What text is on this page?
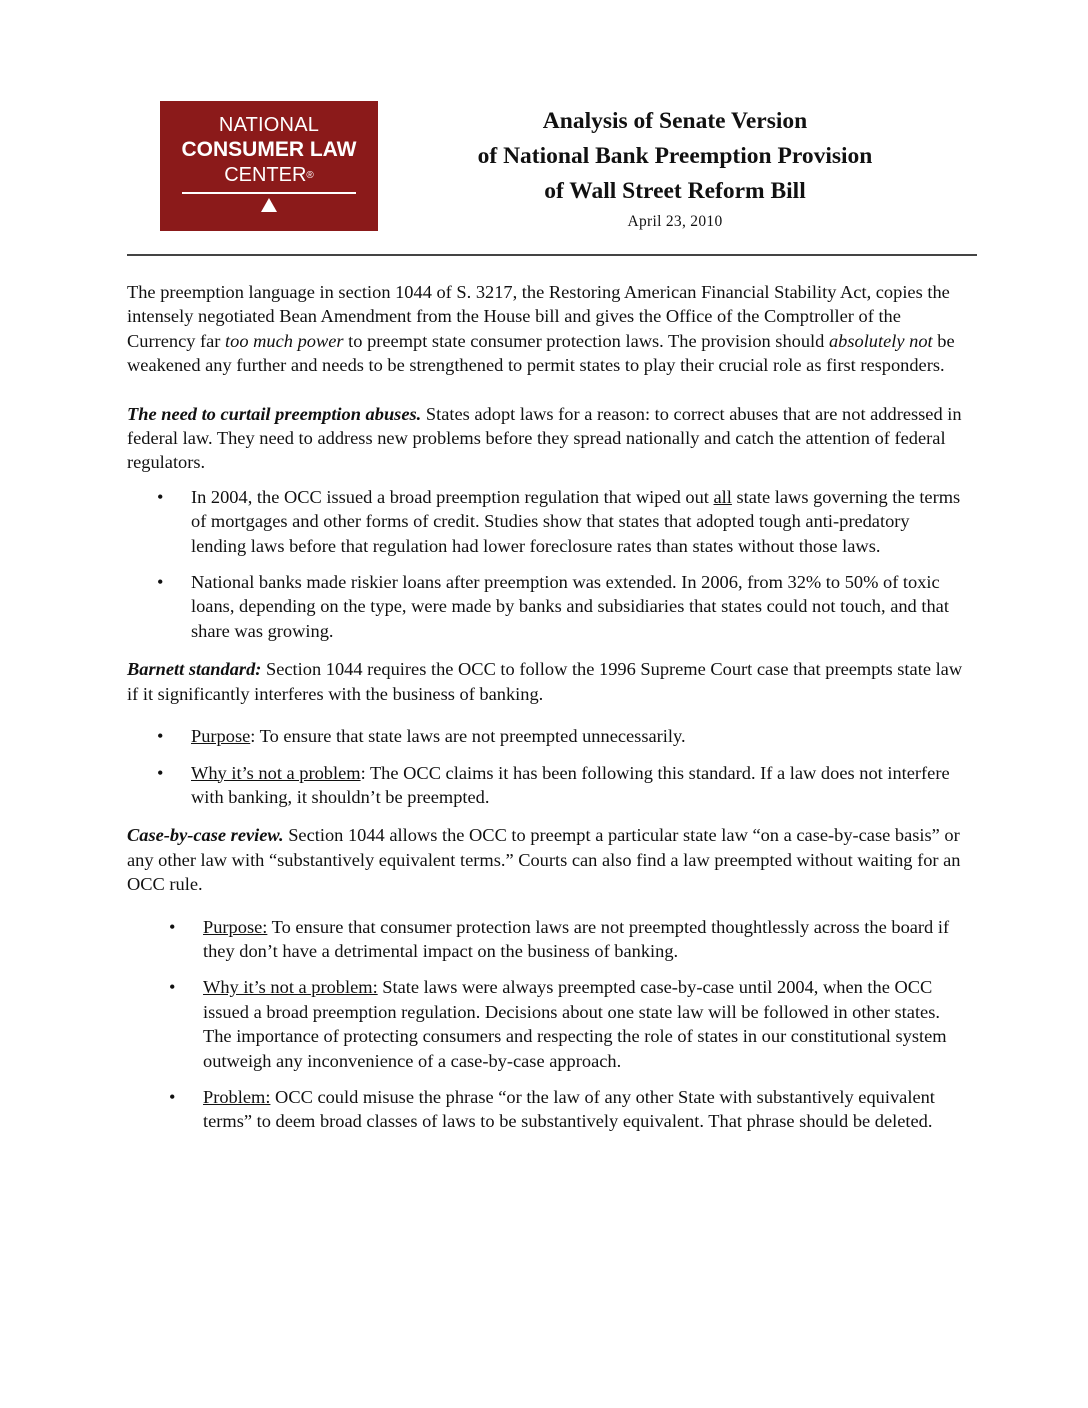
NATIONAL
CONSUMER LAW
CENTER®
Analysis of Senate Version
of National Bank Preemption Provision
of Wall Street Reform Bill
April 23, 2010

The preemption language in section 1044 of S. 3217, the Restoring American Financial Stability Act, copies the intensely negotiated Bean Amendment from the House bill and gives the Office of the Comptroller of the Currency far too much power to preempt state consumer protection laws. The provision should absolutely not be weakened any further and needs to be strengthened to permit states to play their crucial role as first responders.

The need to curtail preemption abuses. States adopt laws for a reason: to correct abuses that are not addressed in federal law. They need to address new problems before they spread nationally and catch the attention of federal regulators.

• In 2004, the OCC issued a broad preemption regulation that wiped out all state laws governing the terms of mortgages and other forms of credit. Studies show that states that adopted tough anti-predatory lending laws before that regulation had lower foreclosure rates than states without those laws.
• National banks made riskier loans after preemption was extended. In 2006, from 32% to 50% of toxic loans, depending on the type, were made by banks and subsidiaries that states could not touch, and that share was growing.

Barnett standard: Section 1044 requires the OCC to follow the 1996 Supreme Court case that preempts state law if it significantly interferes with the business of banking.

• Purpose: To ensure that state laws are not preempted unnecessarily.
• Why it’s not a problem: The OCC claims it has been following this standard. If a law does not interfere with banking, it shouldn’t be preempted.

Case-by-case review. Section 1044 allows the OCC to preempt a particular state law “on a case-by-case basis” or any other law with “substantively equivalent terms.” Courts can also find a law preempted without waiting for an OCC rule.

• Purpose: To ensure that consumer protection laws are not preempted thoughtlessly across the board if they don’t have a detrimental impact on the business of banking.
• Why it’s not a problem: State laws were always preempted case-by-case until 2004, when the OCC issued a broad preemption regulation. Decisions about one state law will be followed in other states. The importance of protecting consumers and respecting the role of states in our constitutional system outweigh any inconvenience of a case-by-case approach.
• Problem: OCC could misuse the phrase “or the law of any other State with substantively equivalent terms” to deem broad classes of laws to be substantively equivalent. That phrase should be deleted.
